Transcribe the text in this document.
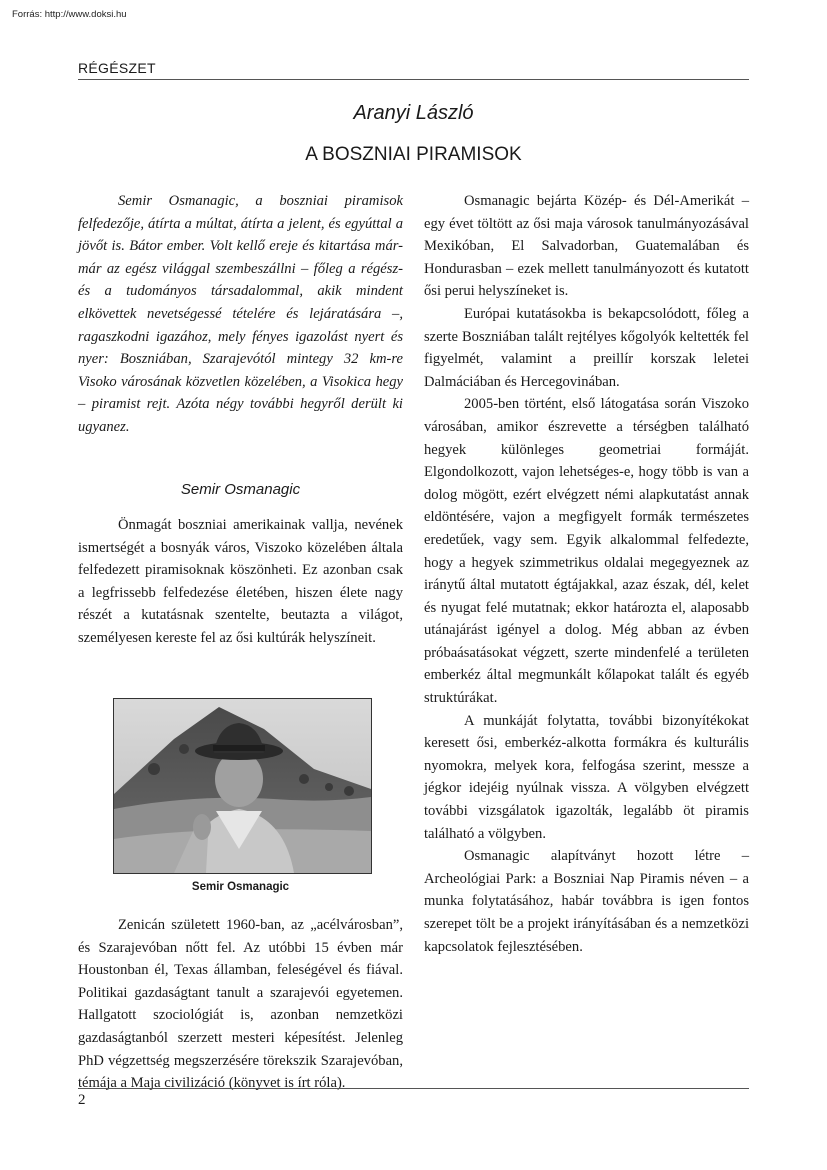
Forrás: http://www.doksi.hu
RÉGÉSZET
Aranyi László
A BOSZNIAI PIRAMISOK

Semir Osmanagic, a boszniai piramisok felfedezője, átírta a múltat, átírta a jelent, és egyúttal a jövőt is. Bátor ember. Volt kellő ereje és kitartása már-már az egész világgal szembeszállni – főleg a régész- és a tudományos társadalommal, akik mindent elkövettek nevetségessé tételére és lejáratására –, ragaszkodni igazához, mely fényes igazolást nyert és nyer: Boszniában, Szarajevótól mintegy 32 km-re Visoko városának közvetlen közelében, a Visokica hegy – piramist rejt. Azóta négy további hegyről derült ki ugyanez.

Semir Osmanagic

Önmagát boszniai amerikainak vallja, nevének ismertségét a bosnyák város, Viszoko közelében általa felfedezett piramisoknak köszönheti. Ez azonban csak a legfrissebb felfedezése életében, hiszen élete nagy részét a kutatásnak szentelte, beutazta a világot, személyesen kereste fel az ősi kultúrák helyszíneit.

Semir Osmanagic

Zenicán született 1960-ban, az „acélvárosban”, és Szarajevóban nőtt fel. Az utóbbi 15 évben már Houstonban él, Texas államban, feleségével és fiával. Politikai gazdaságtant tanult a szarajevói egyetemen. Hallgatott szociológiát is, azonban nemzetközi gazdaságtanból szerzett mesteri képesítést. Jelenleg PhD végzettség megszerzésére törekszik Szarajevóban, témája a Maja civilizáció (könyvet is írt róla).

Osmanagic bejárta Közép- és Dél-Amerikát – egy évet töltött az ősi maja városok tanulmányozásával Mexikóban, El Salvadorban, Guatemalában és Hondurasban – ezek mellett tanulmányozott és kutatott ősi perui helyszíneket is.

Európai kutatásokba is bekapcsolódott, főleg a szerte Boszniában talált rejtélyes kőgolyók keltették fel figyelmét, valamint a preillír korszak leletei Dalmáciában és Hercegovinában.

2005-ben történt, első látogatása során Viszoko városában, amikor észrevette a térségben található hegyek különleges geometriai formáját. Elgondolkozott, vajon lehetséges-e, hogy több is van a dolog mögött, ezért elvégzett némi alapkutatást annak eldöntésére, vajon a megfigyelt formák természetes eredetűek, vagy sem. Egyik alkalommal felfedezte, hogy a hegyek szimmetrikus oldalai megegyeznek az iránytű által mutatott égtájakkal, azaz észak, dél, kelet és nyugat felé mutatnak; ekkor határozta el, alaposabb utánajárást igényel a dolog. Még abban az évben próbaásatásokat végzett, szerte mindenfelé a területen emberkéz által megmunkált kőlapokat talált és egyéb struktúrákat.

A munkáját folytatta, további bizonyítékokat keresett ősi, emberkéz-alkotta formákra és kulturális nyomokra, melyek kora, felfogása szerint, messze a jégkor idejéig nyúlnak vissza. A völgyben elvégzett további vizsgálatok igazolták, legalább öt piramis található a völgyben.

Osmanagic alapítványt hozott létre – Archeológiai Park: a Boszniai Nap Piramis néven – a munka folytatásához, habár továbbra is igen fontos szerepet tölt be a projekt irányításában és a nemzetközi kapcsolatok fejlesztésében.

2
